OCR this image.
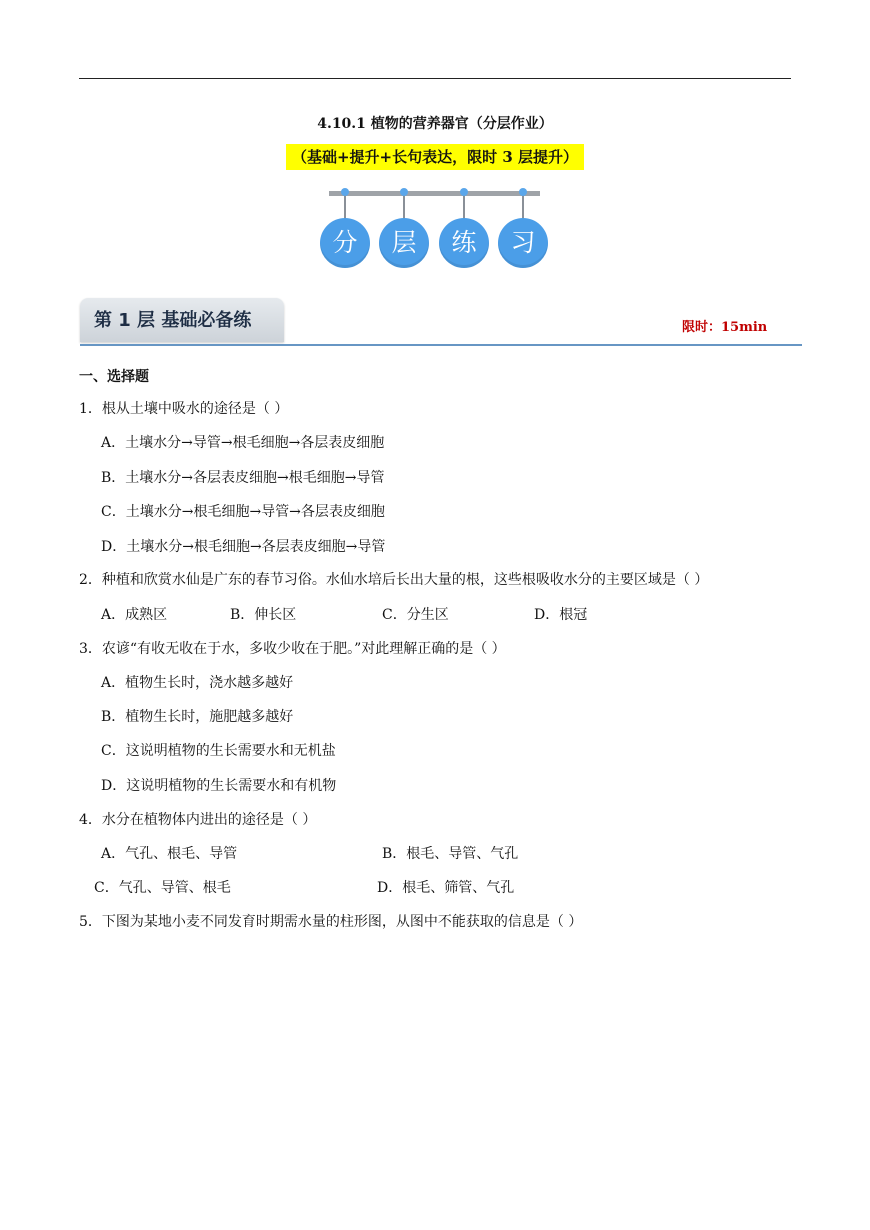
4.10.1 植物的营养器官（分层作业）
（基础+提升+长句表达，限时 3 层提升）
分	层	练	习
第 1 层 基础必备练	限时：15min
一、选择题
1．根从土壤中吸水的途径是（ ）
A．土壤水分→导管→根毛细胞→各层表皮细胞
B．土壤水分→各层表皮细胞→根毛细胞→导管
C．土壤水分→根毛细胞→导管→各层表皮细胞
D．土壤水分→根毛细胞→各层表皮细胞→导管
2．种植和欣赏水仙是广东的春节习俗。水仙水培后长出大量的根，这些根吸收水分的主要区域是（ ）
A．成熟区	B．伸长区	C．分生区	D．根冠
3．农谚“有收无收在于水，多收少收在于肥。”对此理解正确的是（ ）
A．植物生长时，浇水越多越好
B．植物生长时，施肥越多越好
C．这说明植物的生长需要水和无机盐
D．这说明植物的生长需要水和有机物
4．水分在植物体内进出的途径是（ ）
A．气孔、根毛、导管	B．根毛、导管、气孔
C．气孔、导管、根毛	D．根毛、筛管、气孔
5．下图为某地小麦不同发育时期需水量的柱形图，从图中不能获取的信息是（ ）
